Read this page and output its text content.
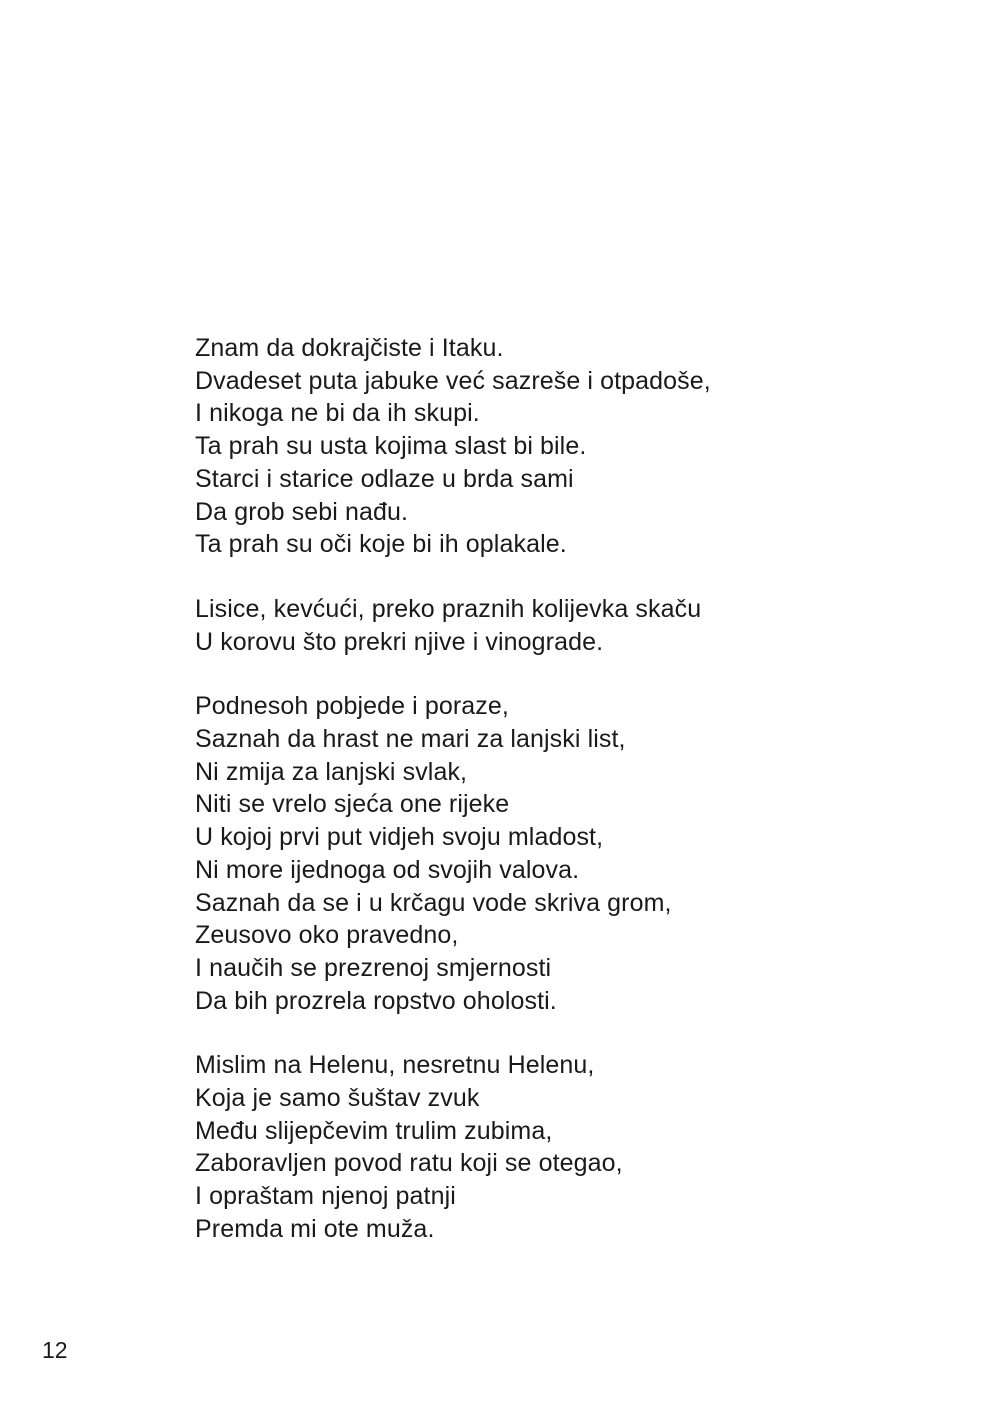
Znam da dokrajčiste i Itaku.
Dvadeset puta jabuke već sazreše i otpadoše,
I nikoga ne bi da ih skupi.
Ta prah su usta kojima slast bi bile.
Starci i starice odlaze u brda sami
Da grob sebi nađu.
Ta prah su oči koje bi ih oplakale.
Lisice, kevćući, preko praznih kolijevka skaču
U korovu što prekri njive i vinograde.
Podnesoh pobjede i poraze,
Saznah da hrast ne mari za lanjski list,
Ni zmija za lanjski svlak,
Niti se vrelo sjeća one rijeke
U kojoj prvi put vidjeh svoju mladost,
Ni more ijednoga od svojih valova.
Saznah da se i u krčagu vode skriva grom,
Zeusovo oko pravedno,
I naučih se prezrenoj smjernosti
Da bih prozrela ropstvo oholosti.
Mislim na Helenu, nesretnu Helenu,
Koja je samo šuštav zvuk
Među slijepčevim trulim zubima,
Zaboravljen povod ratu koji se otegao,
I opraštam njenoj patnji
Premda mi ote muža.
12
